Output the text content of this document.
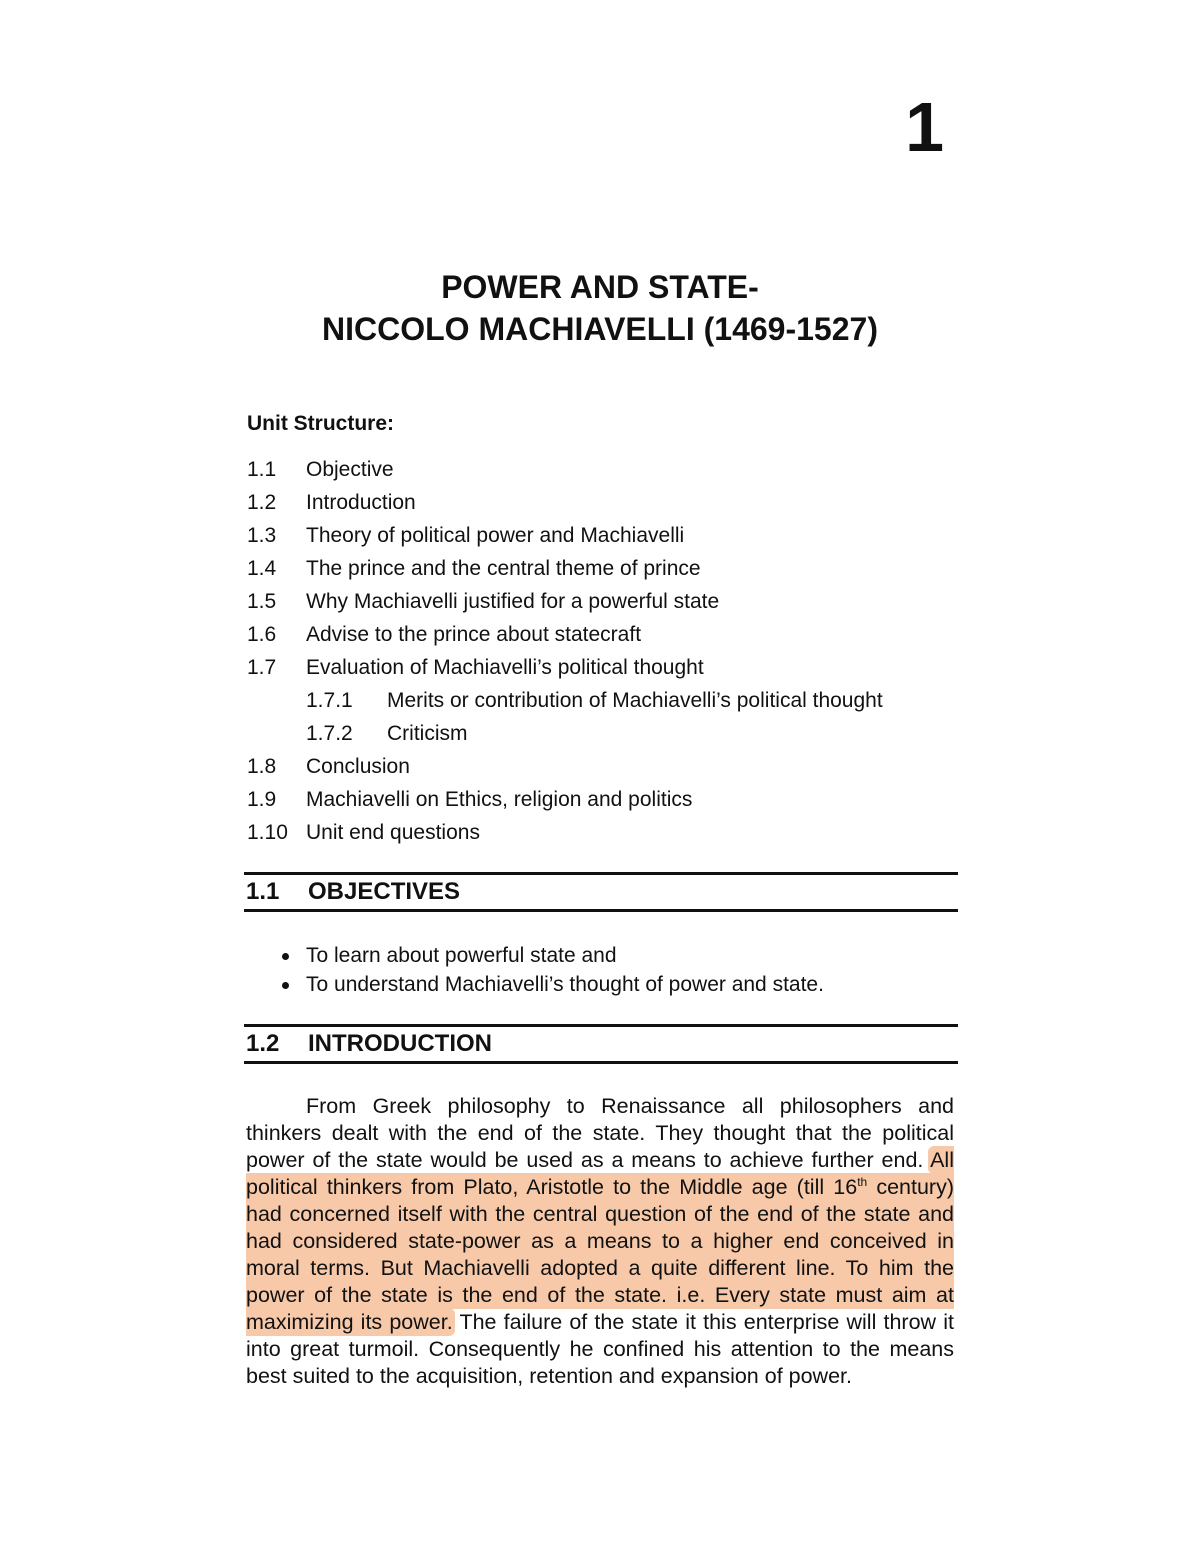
1
POWER AND STATE-
NICCOLO MACHIAVELLI (1469-1527)
Unit Structure:
1.1	Objective
1.2	Introduction
1.3	Theory of political power and Machiavelli
1.4	The prince and the central theme of prince
1.5	Why Machiavelli justified for a powerful state
1.6	Advise to the prince about statecraft
1.7	Evaluation of Machiavelli’s political thought
1.7.1	Merits or contribution of Machiavelli’s political thought
1.7.2	Criticism
1.8	Conclusion
1.9	Machiavelli on Ethics, religion and politics
1.10 Unit end questions
1.1	OBJECTIVES
To learn about powerful state and
To understand Machiavelli’s thought of power and state.
1.2	INTRODUCTION

From Greek philosophy to Renaissance all philosophers and thinkers dealt with the end of the state. They thought that the political power of the state would be used as a means to achieve further end. All political thinkers from Plato, Aristotle to the Middle age (till 16th century) had concerned itself with the central question of the end of the state and had considered state-power as a means to a higher end conceived in moral terms. But Machiavelli adopted a quite different line. To him the power of the state is the end of the state. i.e. Every state must aim at maximizing its power. The failure of the state it this enterprise will throw it into great turmoil. Consequently he confined his attention to the means best suited to the acquisition, retention and expansion of power.
